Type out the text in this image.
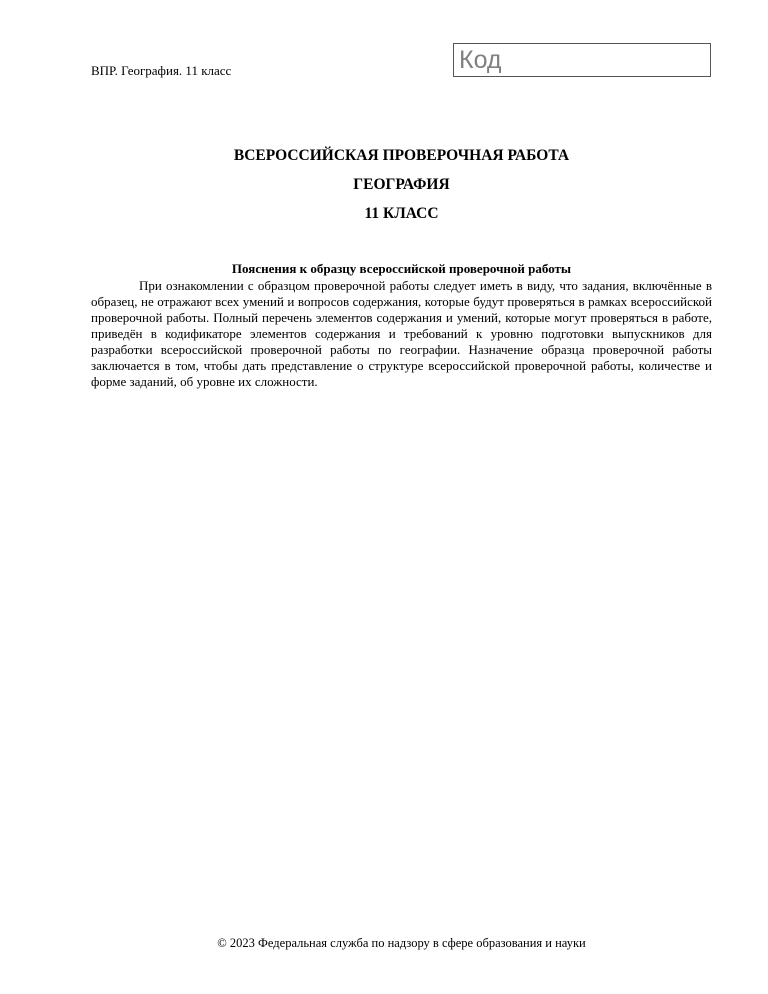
ВПР. География. 11 класс	Код
ВСЕРОССИЙСКАЯ ПРОВЕРОЧНАЯ РАБОТА
ГЕОГРАФИЯ
11 КЛАСС
Пояснения к образцу всероссийской проверочной работы

При ознакомлении с образцом проверочной работы следует иметь в виду, что задания, включённые в образец, не отражают всех умений и вопросов содержания, которые будут проверяться в рамках всероссийской проверочной работы. Полный перечень элементов содержания и умений, которые могут проверяться в работе, приведён в кодификаторе элементов содержания и требований к уровню подготовки выпускников для разработки всероссийской проверочной работы по географии. Назначение образца проверочной работы заключается в том, чтобы дать представление о структуре всероссийской проверочной работы, количестве и форме заданий, об уровне их сложности.

© 2023 Федеральная служба по надзору в сфере образования и науки
